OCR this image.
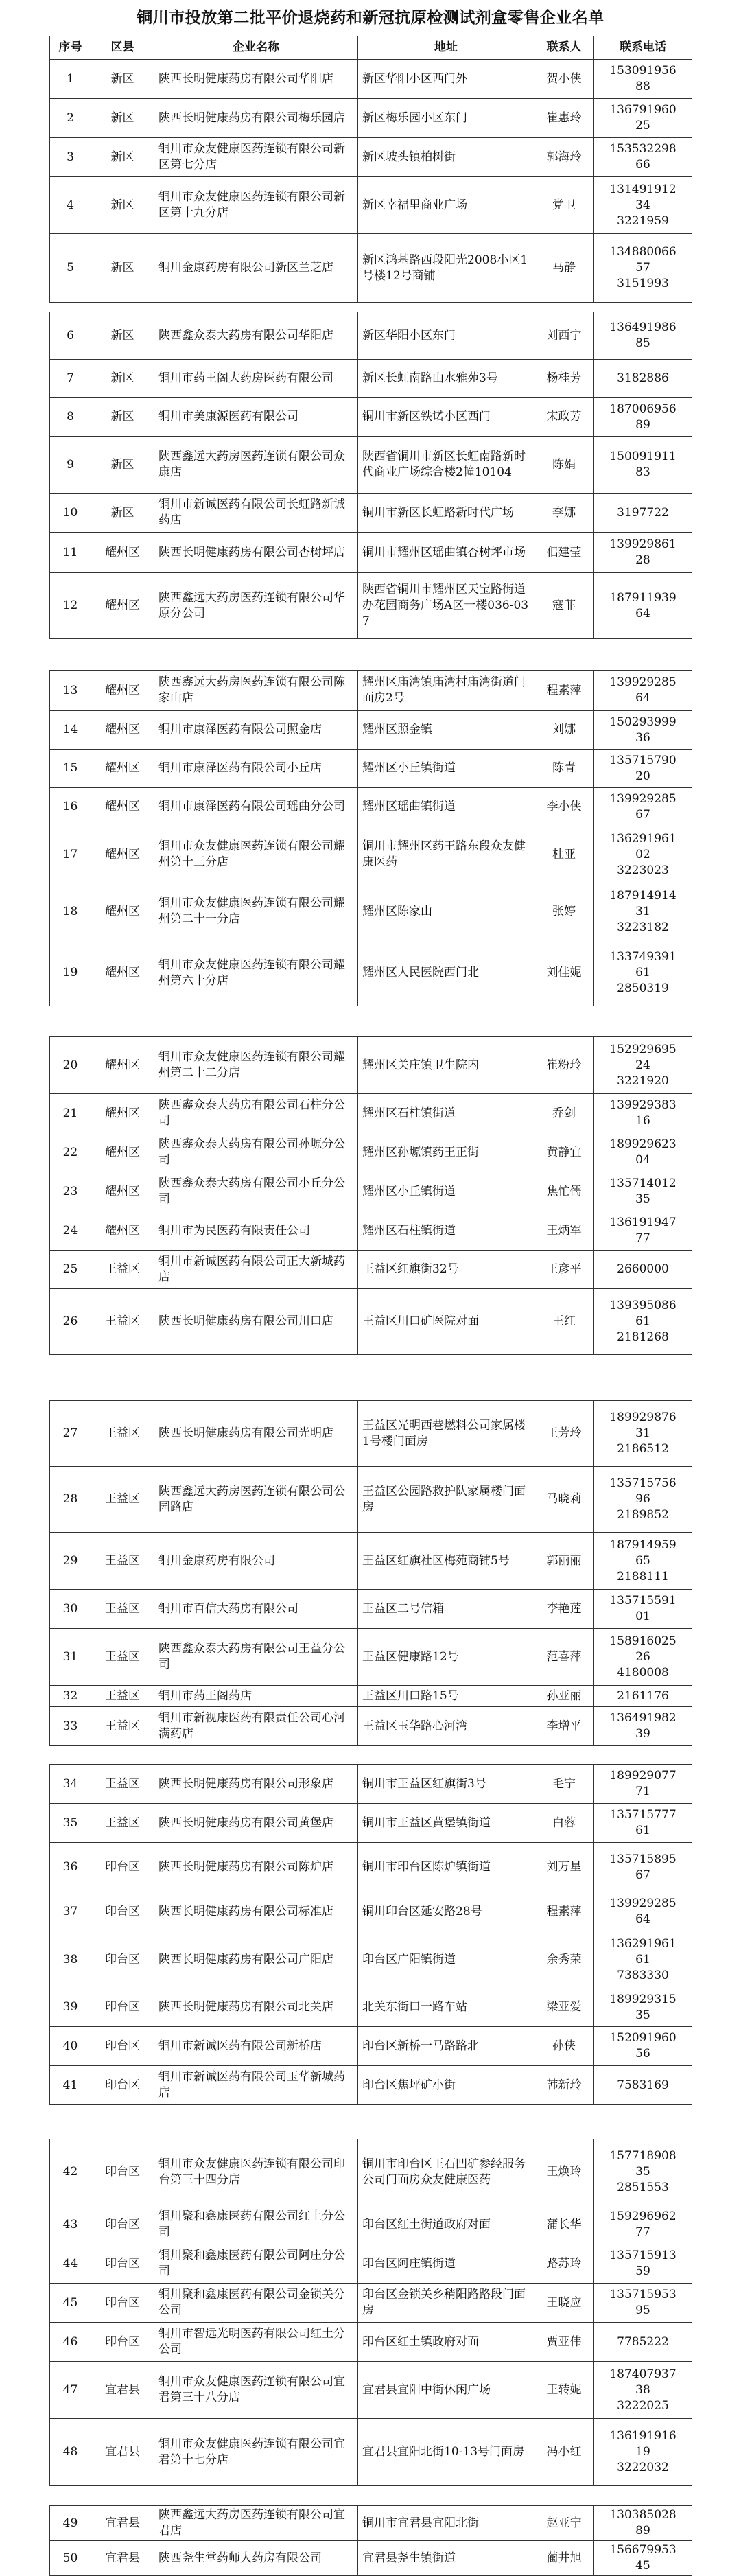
铜川市投放第二批平价退烧药和新冠抗原检测试剂盒零售企业名单
序号	区县	企业名称	地址	联系人	联系电话
1	新区	陕西长明健康药房有限公司华阳店	新区华阳小区西门外	贺小侠	153091956
88

2	新区	陕西长明健康药房有限公司梅乐园店	新区梅乐园小区东门	崔惠玲	136791960
25

3	新区	铜川市众友健康医药连锁有限公司新区第七分店	新区坡头镇柏树街	郭海玲	153532298
66

4	新区	铜川市众友健康医药连锁有限公司新区第十九分店	新区幸福里商业广场	党卫	131491912
34
3221959

5	新区	铜川金康药房有限公司新区兰芝店	新区鸿基路西段阳光2008小区1号楼12号商铺	马静	134880066
57
3151993
6	新区	陕西鑫众泰大药房有限公司华阳店	新区华阳小区东门	刘西宁	136491986
85

7	新区	铜川市药王阁大药房医药有限公司	新区长虹南路山水雅苑3号	杨桂芳	3182886

8	新区	铜川市美康源医药有限公司	铜川市新区铁诺小区西门	宋政芳	187006956
89

9	新区	陕西鑫远大药房医药连锁有限公司众康店	陕西省铜川市新区长虹南路新时代商业广场综合楼2幢10104	陈娟	150091911
83

10	新区	铜川市新诚医药有限公司长虹路新诚药店	铜川市新区长虹路新时代广场	李娜	3197722

11	耀州区	陕西长明健康药房有限公司杏树坪店	铜川市耀州区瑶曲镇杏树坪市场	佀建莹	139929861
28

12	耀州区	陕西鑫远大药房医药连锁有限公司华原分公司	陕西省铜川市耀州区天宝路街道办花园商务广场A区一楼036-037	寇菲	187911939
64
13	耀州区	陕西鑫远大药房医药连锁有限公司陈家山店	耀州区庙湾镇庙湾村庙湾街道门面房2号	程素萍	139929285
64

14	耀州区	铜川市康泽医药有限公司照金店	耀州区照金镇	刘娜	150293999
36

15	耀州区	铜川市康泽医药有限公司小丘店	耀州区小丘镇街道	陈青	135715790
20

16	耀州区	铜川市康泽医药有限公司瑶曲分公司	耀州区瑶曲镇街道	李小侠	139929285
67

17	耀州区	铜川市众友健康医药连锁有限公司耀州第十三分店	铜川市耀州区药王路东段众友健康医药	杜亚	136291961
02
3223023

18	耀州区	铜川市众友健康医药连锁有限公司耀州第二十一分店	耀州区陈家山	张婷	187914914
31
3223182

19	耀州区	铜川市众友健康医药连锁有限公司耀州第六十分店	耀州区人民医院西门北	刘佳妮	133749391
61
2850319
20	耀州区	铜川市众友健康医药连锁有限公司耀州第二十二分店	耀州区关庄镇卫生院内	崔粉玲	152929695
24
3221920

21	耀州区	陕西鑫众泰大药房有限公司石柱分公司	耀州区石柱镇街道	乔剑	139929383
16

22	耀州区	陕西鑫众泰大药房有限公司孙塬分公司	耀州区孙塬镇药王正街	黄静宜	189929623
04

23	耀州区	陕西鑫众泰大药房有限公司小丘分公司	耀州区小丘镇街道	焦忙儒	135714012
35

24	耀州区	铜川市为民医药有限责任公司	耀州区石柱镇街道	王炳军	136191947
77

25	王益区	铜川市新诚医药有限公司正大新城药店	王益区红旗街32号	王彦平	2660000

26	王益区	陕西长明健康药房有限公司川口店	王益区川口矿医院对面	王红	139395086
61
2181268
27	王益区	陕西长明健康药房有限公司光明店	王益区光明西巷燃料公司家属楼1号楼门面房	王芳玲	189929876
31
2186512

28	王益区	陕西鑫远大药房医药连锁有限公司公园路店	王益区公园路救护队家属楼门面房	马晓莉	135715756
96
2189852

29	王益区	铜川金康药房有限公司	王益区红旗社区梅苑商铺5号	郭丽丽	187914959
65
2188111

30	王益区	铜川市百信大药房有限公司	王益区二号信箱	李艳莲	135715591
01

31	王益区	陕西鑫众泰大药房有限公司王益分公司	王益区健康路12号	范喜萍	158916025
26
4180008

32	王益区	铜川市药王阁药店	王益区川口路15号	孙亚丽	2161176

33	王益区	铜川市新视康医药有限责任公司心河满药店	王益区玉华路心河湾	李增平	136491982
39
34	王益区	陕西长明健康药房有限公司形象店	铜川市王益区红旗街3号	毛宁	189929077
71

35	王益区	陕西长明健康药房有限公司黄堡店	铜川市王益区黄堡镇街道	白蓉	135715777
61

36	印台区	陕西长明健康药房有限公司陈炉店	铜川市印台区陈炉镇街道	刘万星	135715895
67

37	印台区	陕西长明健康药房有限公司标准店	铜川印台区延安路28号	程素萍	139929285
64

38	印台区	陕西长明健康药房有限公司广阳店	印台区广阳镇街道	余秀荣	136291961
61
7383330

39	印台区	陕西长明健康药房有限公司北关店	北关东街口一路车站	梁亚爱	189929315
35

40	印台区	铜川市新诚医药有限公司新桥店	印台区新桥一马路路北	孙侠	152091960
56

41	印台区	铜川市新诚医药有限公司玉华新城药店	印台区焦坪矿小街	韩新玲	7583169
42	印台区	铜川市众友健康医药连锁有限公司印台第三十四分店	铜川市印台区王石凹矿参经服务公司门面房众友健康医药	王焕玲	157718908
35
2851553

43	印台区	铜川聚和鑫康医药有限公司红土分公司	印台区红土街道政府对面	蒲长华	159296962
77

44	印台区	铜川聚和鑫康医药有限公司阿庄分公司	印台区阿庄镇街道	路苏玲	135715913
59

45	印台区	铜川聚和鑫康医药有限公司金锁关分公司	印台区金锁关乡稍阳路路段门面房	王晓应	135715953
95

46	印台区	铜川市智远光明医药有限公司红土分公司	印台区红土镇政府对面	贾亚伟	7785222

47	宜君县	铜川市众友健康医药连锁有限公司宜君第三十八分店	宜君县宜阳中街休闲广场	王转妮	187407937
38
3222025

48	宜君县	铜川市众友健康医药连锁有限公司宜君第十七分店	宜君县宜阳北街10-13号门面房	冯小红	136191916
19
3222032
49	宜君县	陕西鑫远大药房医药连锁有限公司宜君店	铜川市宜君县宜阳北街	赵亚宁	130385028
89

50	宜君县	陕西尧生堂药师大药房有限公司	宜君县尧生镇街道	蔺井旭	156679953
45
